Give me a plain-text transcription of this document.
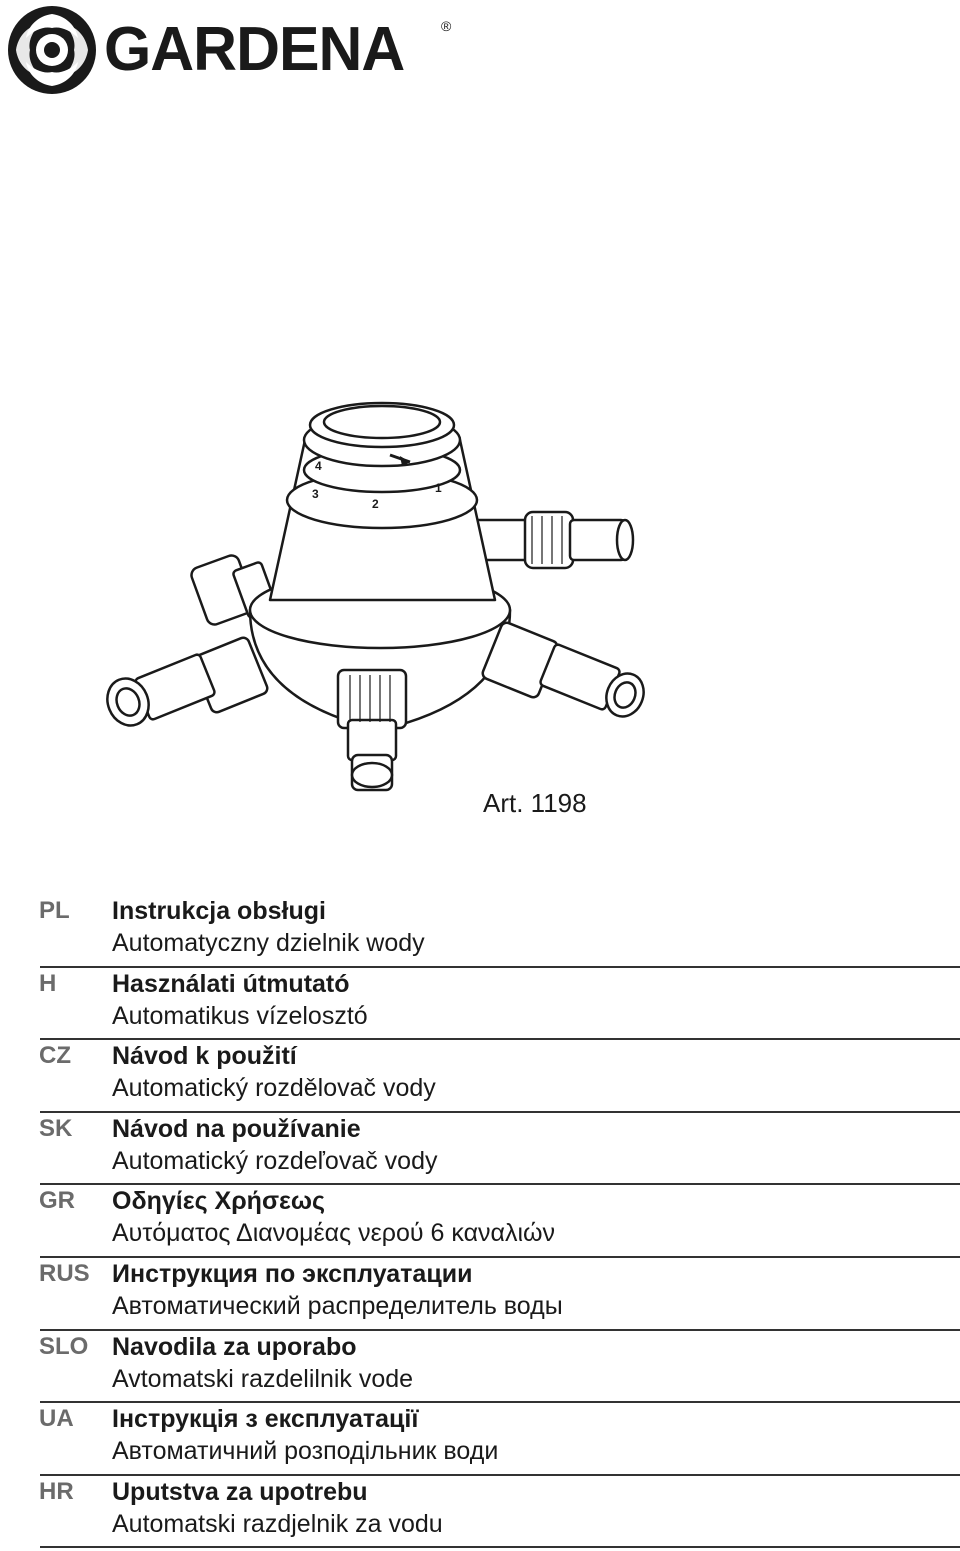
GARDENA	®
1
2
3
4
Art. 1198
PL Instrukcja obsługi
Automatyczny dzielnik wody
H Használati útmutató
Automatikus vízelosztó
CZ Návod k použití
Automatický rozdělovač vody
SK Návod na používanie
Automatický rozdeľovač vody
GR Οδηγίες Χρήσεως
Αυτόματος Διανομέας νερού 6 καναλιών
RUS Инструкция по эксплуатации
Автоматический распределитель воды
SLO Navodila za uporabo
Avtomatski razdelilnik vode
UA Інструкція з експлуатації
Автоматичний розподільник води
HR Uputstva za upotrebu
Automatski razdjelnik za vodu
